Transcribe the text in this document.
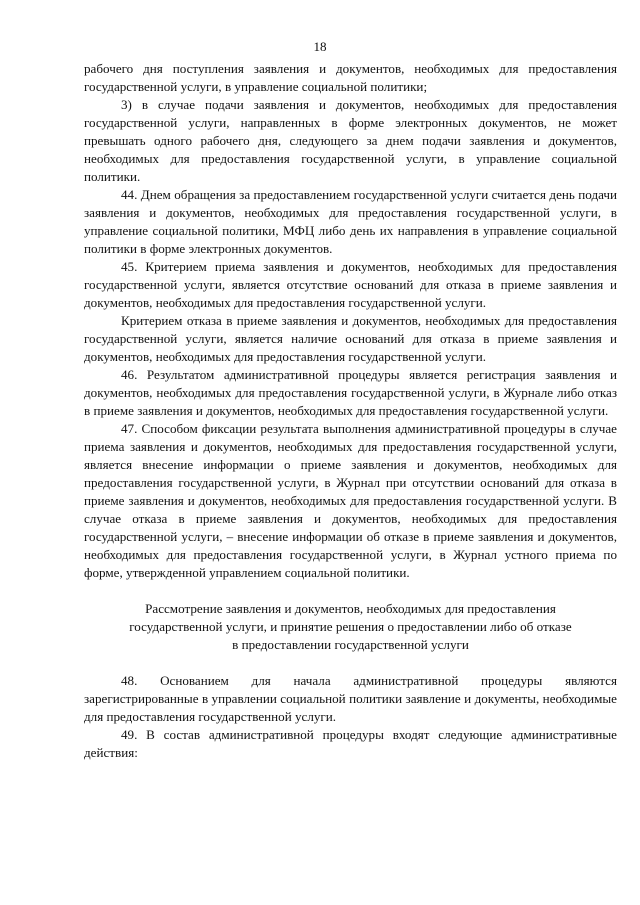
18

рабочего дня поступления заявления и документов, необходимых для предоставления государственной услуги, в управление социальной политики;

3) в случае подачи заявления и документов, необходимых для предоставления государственной услуги, направленных в форме электронных документов, не может превышать одного рабочего дня, следующего за днем подачи заявления и документов, необходимых для предоставления государственной услуги, в управление социальной политики.

44. Днем обращения за предоставлением государственной услуги считается день подачи заявления и документов, необходимых для предоставления государственной услуги, в управление социальной политики, МФЦ либо день их направления в управление социальной политики в форме электронных документов.

45. Критерием приема заявления и документов, необходимых для предоставления государственной услуги, является отсутствие оснований для отказа в приеме заявления и документов, необходимых для предоставления государственной услуги.

Критерием отказа в приеме заявления и документов, необходимых для предоставления государственной услуги, является наличие оснований для отказа в приеме заявления и документов, необходимых для предоставления государственной услуги.

46. Результатом административной процедуры является регистрация заявления и документов, необходимых для предоставления государственной услуги, в Журнале либо отказ в приеме заявления и документов, необходимых для предоставления государственной услуги.

47. Способом фиксации результата выполнения административной процедуры в случае приема заявления и документов, необходимых для предоставления государственной услуги, является внесение информации о приеме заявления и документов, необходимых для предоставления государственной услуги, в Журнал при отсутствии оснований для отказа в приеме заявления и документов, необходимых для предоставления государственной услуги. В случае отказа в приеме заявления и документов, необходимых для предоставления государственной услуги, – внесение информации об отказе в приеме заявления и документов, необходимых для предоставления государственной услуги, в Журнал устного приема по форме, утвержденной управлением социальной политики.

Рассмотрение заявления и документов, необходимых для предоставления
государственной услуги, и принятие решения о предоставлении либо об отказе
в предоставлении государственной услуги

48. Основанием для начала административной процедуры являются зарегистрированные в управлении социальной политики заявление и документы, необходимые для предоставления государственной услуги.

49. В состав административной процедуры входят следующие административные действия:
